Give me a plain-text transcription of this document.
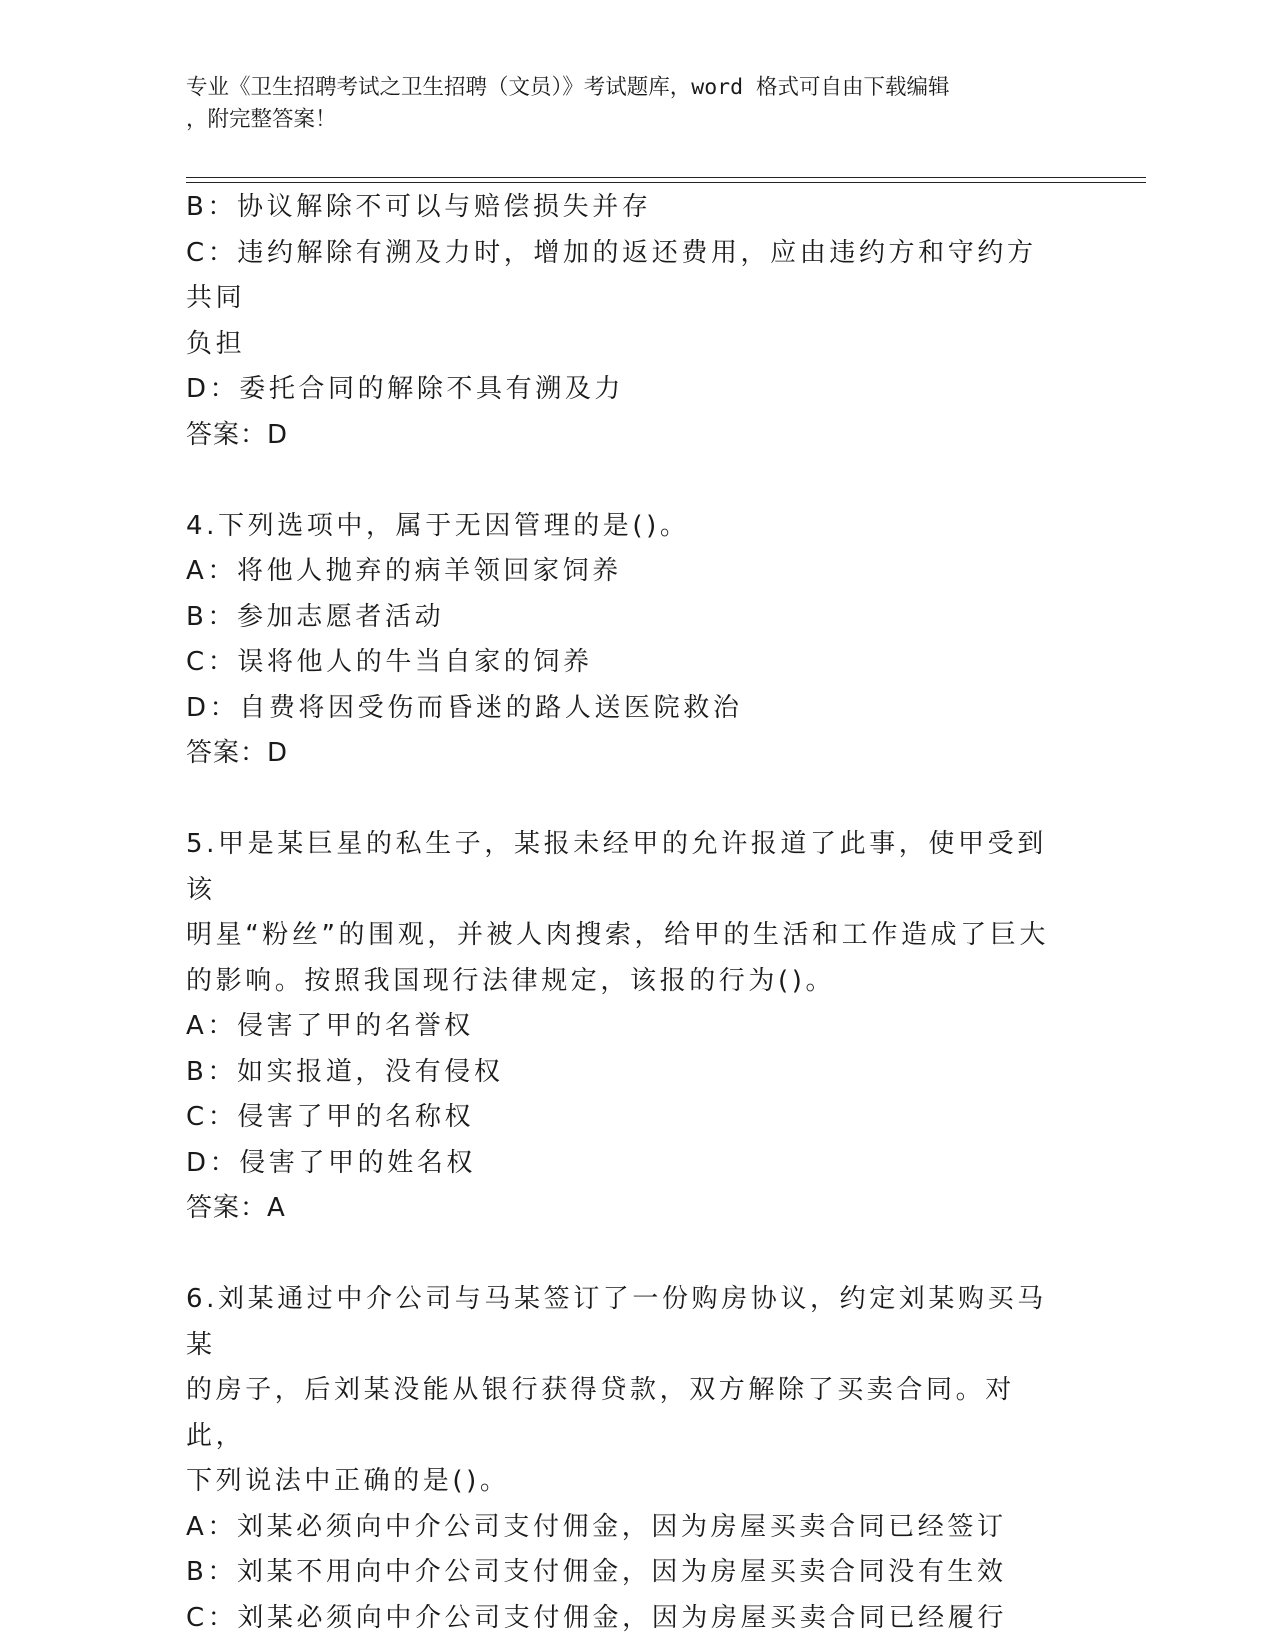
专业《卫生招聘考试之卫生招聘（文员）》考试题库，word 格式可自由下载编辑
，附完整答案！

B：协议解除不可以与赔偿损失并存

C：违约解除有溯及力时，增加的返还费用，应由违约方和守约方共同

负担

D：委托合同的解除不具有溯及力

答案：D

4.下列选项中，属于无因管理的是()。

A：将他人抛弃的病羊领回家饲养

B：参加志愿者活动

C：误将他人的牛当自家的饲养

D：自费将因受伤而昏迷的路人送医院救治

答案：D

5.甲是某巨星的私生子，某报未经甲的允许报道了此事，使甲受到该

明星“粉丝”的围观，并被人肉搜索，给甲的生活和工作造成了巨大

的影响。按照我国现行法律规定，该报的行为()。

A：侵害了甲的名誉权

B：如实报道，没有侵权

C：侵害了甲的名称权

D：侵害了甲的姓名权

答案：A

6.刘某通过中介公司与马某签订了一份购房协议，约定刘某购买马某

的房子，后刘某没能从银行获得贷款，双方解除了买卖合同。对此，

下列说法中正确的是()。

A：刘某必须向中介公司支付佣金，因为房屋买卖合同已经签订

B：刘某不用向中介公司支付佣金，因为房屋买卖合同没有生效

C：刘某必须向中介公司支付佣金，因为房屋买卖合同已经履行
